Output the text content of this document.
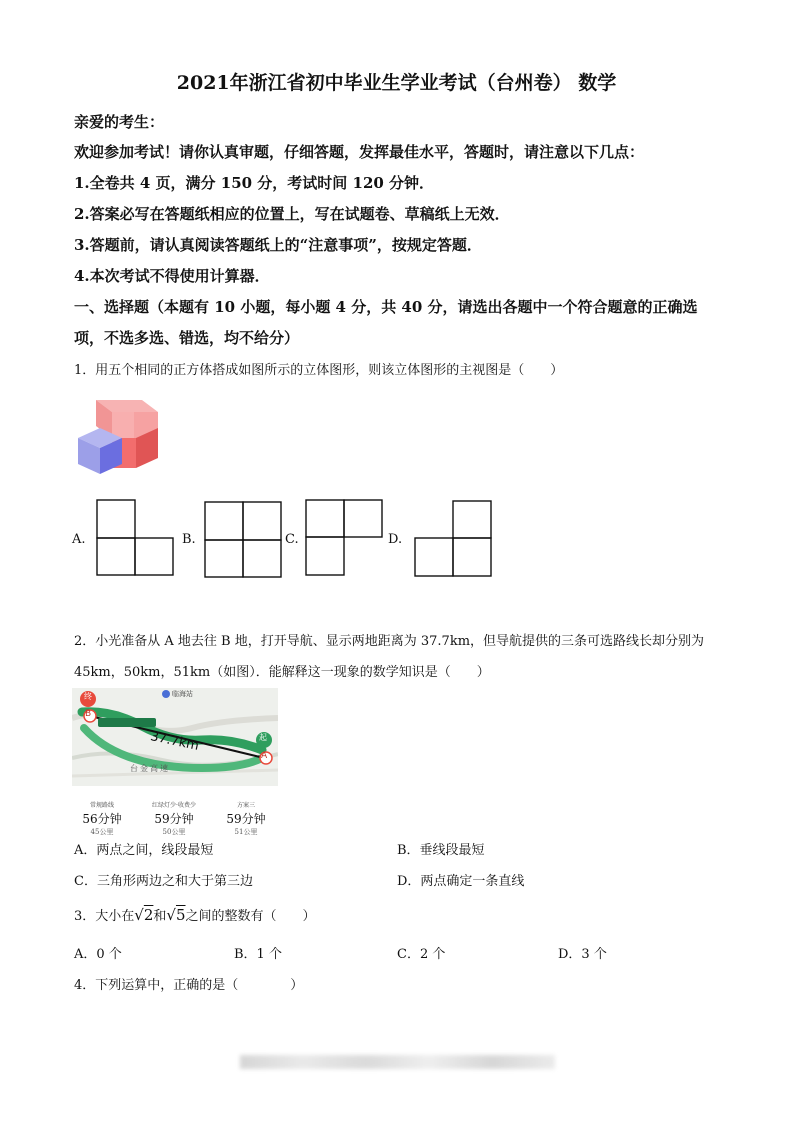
2021年浙江省初中毕业生学业考试（台州卷） 数学
亲爱的考生：
欢迎参加考试！请你认真审题，仔细答题，发挥最佳水平，答题时，请注意以下几点：
1.全卷共 4 页，满分 150 分，考试时间 120 分钟．
2.答案必写在答题纸相应的位置上，写在试题卷、草稿纸上无效．
3.答题前，请认真阅读答题纸上的“注意事项”，按规定答题．
4.本次考试不得使用计算器．
一、选择题（本题有 10 小题，每小题 4 分，共 40 分，请选出各题中一个符合题意的正确选
项，不选多选、错选，均不给分）
1．用五个相同的正方体搭成如图所示的立体图形，则该立体图形的主视图是（　　）
A.	B.	C.	D.
2．小光准备从 A 地去往 B 地，打开导航、显示两地距离为 37.7km，但导航提供的三条可选路线长却分别为
45km，50km，51km（如图）．能解释这一现象的数学知识是（　　）
终
B
起
A
37.7km
台金高速
临海站
常规路线
56分钟
45公里
红绿灯少·收费少
59分钟
50公里
方案三
59分钟
51公里
A．两点之间，线段最短	B．垂线段最短
C．三角形两边之和大于第三边	D．两点确定一条直线
3．大小在√2和√5之间的整数有（　　）
A．0 个	B．1 个	C．2 个	D．3 个
4．下列运算中，正确的是（　　　　）
